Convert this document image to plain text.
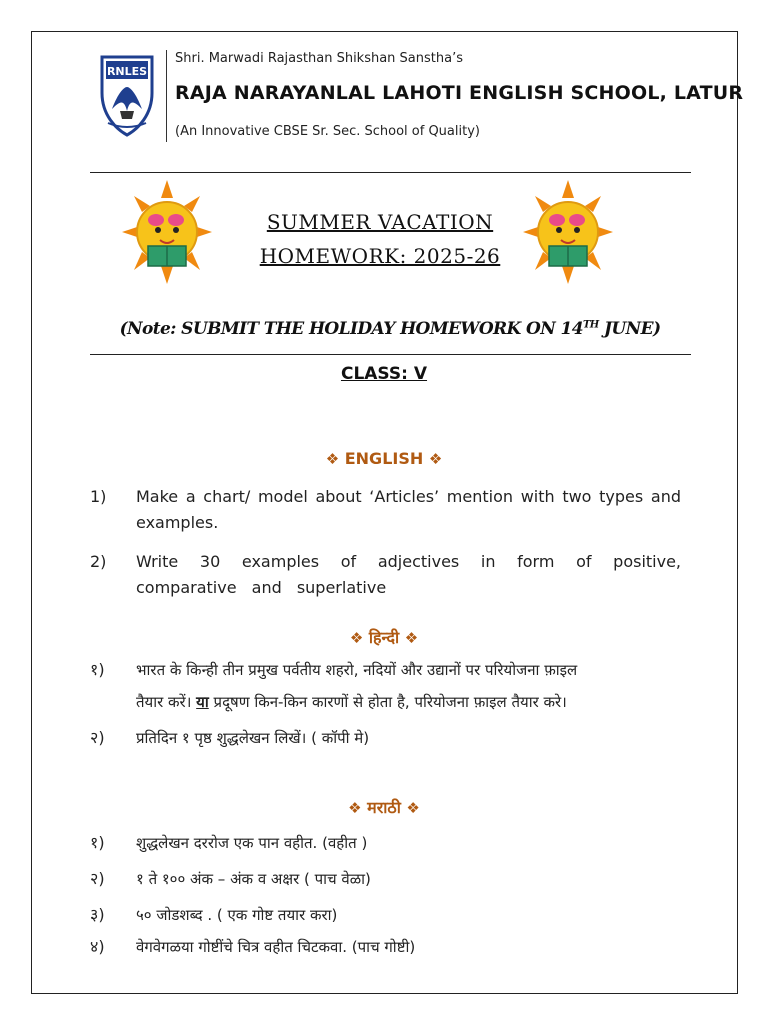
RNLES
Shri. Marwadi Rajasthan Shikshan Sanstha’s
RAJA NARAYANLAL LAHOTI ENGLISH SCHOOL, LATUR
(An Innovative CBSE Sr. Sec. School of Quality)
SUMMER VACATION
HOMEWORK: 2025-26
(Note: SUBMIT THE HOLIDAY HOMEWORK ON 14TH JUNE)
CLASS: V
❖ ENGLISH ❖
1)	Make a chart/ model about ‘Articles’ mention with two types and examples.
2)	Write 30 examples of adjectives in form of positive, comparative and superlative
❖ हिन्दी ❖
१)	भारत के किन्ही तीन प्रमुख पर्वतीय शहरो, नदियों और उद्यानों पर परियोजना फ़ाइल
तैयार करें। या प्रदूषण किन-किन कारणों से होता है, परियोजना फ़ाइल तैयार करे।
२)	प्रतिदिन १ पृष्ठ शुद्धलेखन लिखें। ( कॉपी मे)
❖ मराठी ❖
१)	शुद्धलेखन दररोज एक पान वहीत. (वहीत )
२)	१ ते १०० अंक – अंक व अक्षर ( पाच वेळा)
३)	५० जोडशब्द . ( एक गोष्ट तयार करा)
४)	वेगवेगळया गोष्टींचे चित्र वहीत चिटकवा. (पाच गोष्टी)
